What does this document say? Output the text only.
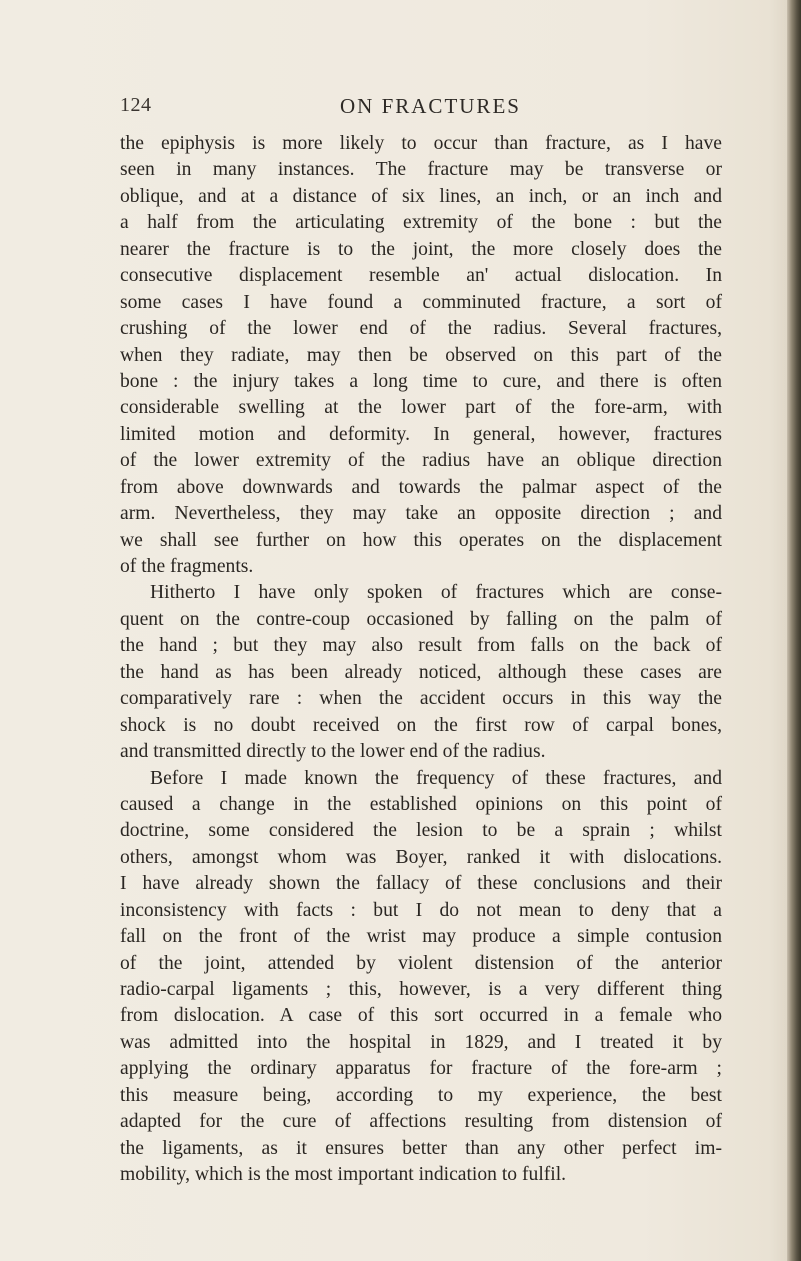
124	ON FRACTURES
the epiphysis is more likely to occur than fracture, as I have
seen in many instances. The fracture may be transverse or
oblique, and at a distance of six lines, an inch, or an inch and
a half from the articulating extremity of the bone : but the
nearer the fracture is to the joint, the more closely does the
consecutive displacement resemble an' actual dislocation. In
some cases I have found a comminuted fracture, a sort of
crushing of the lower end of the radius. Several fractures,
when they radiate, may then be observed on this part of the
bone : the injury takes a long time to cure, and there is often
considerable swelling at the lower part of the fore-arm, with
limited motion and deformity. In general, however, fractures
of the lower extremity of the radius have an oblique direction
from above downwards and towards the palmar aspect of the
arm. Nevertheless, they may take an opposite direction ; and
we shall see further on how this operates on the displacement
of the fragments.
Hitherto I have only spoken of fractures which are conse-
quent on the contre-coup occasioned by falling on the palm of
the hand ; but they may also result from falls on the back of
the hand as has been already noticed, although these cases are
comparatively rare : when the accident occurs in this way the
shock is no doubt received on the first row of carpal bones,
and transmitted directly to the lower end of the radius.
Before I made known the frequency of these fractures, and
caused a change in the established opinions on this point of
doctrine, some considered the lesion to be a sprain ; whilst
others, amongst whom was Boyer, ranked it with dislocations.
I have already shown the fallacy of these conclusions and their
inconsistency with facts : but I do not mean to deny that a
fall on the front of the wrist may produce a simple contusion
of the joint, attended by violent distension of the anterior
radio-carpal ligaments ; this, however, is a very different thing
from dislocation. A case of this sort occurred in a female who
was admitted into the hospital in 1829, and I treated it by
applying the ordinary apparatus for fracture of the fore-arm ;
this measure being, according to my experience, the best
adapted for the cure of affections resulting from distension of
the ligaments, as it ensures better than any other perfect im-
mobility, which is the most important indication to fulfil.
